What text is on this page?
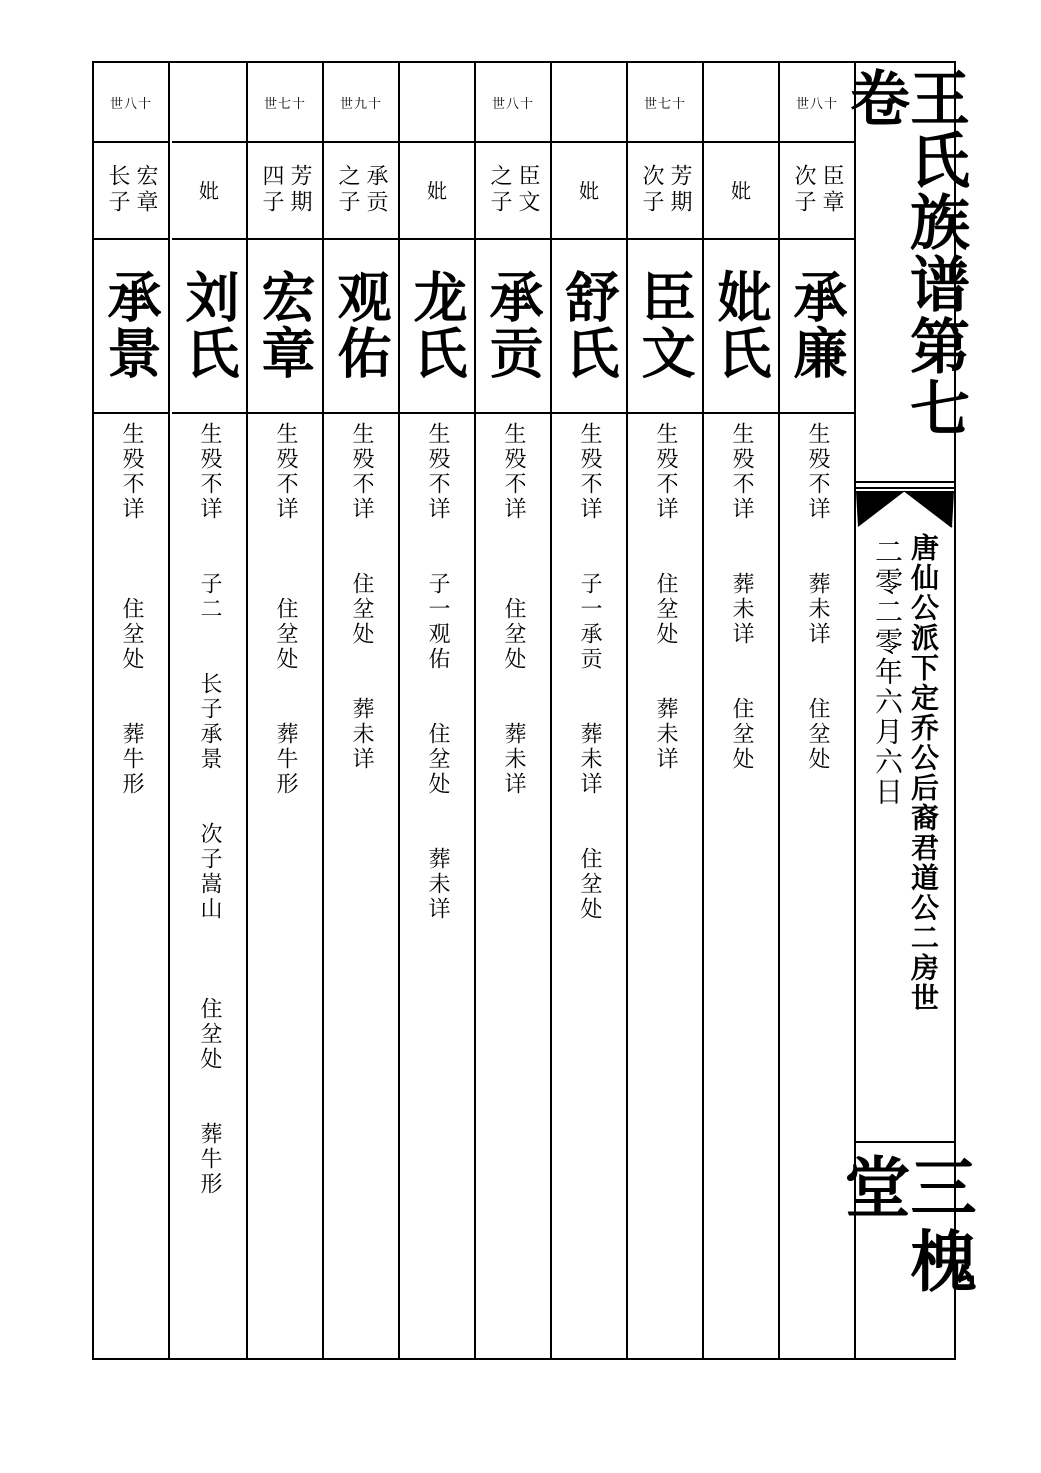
世八十
臣章
次子
承廉
生殁不详　　葬未详　　住坌处
妣
妣氏
生殁不详　　葬未详　　住坌处
世七十
芳期
次子
臣文
生殁不详　　住坌处　　葬未详
妣
舒氏
生殁不详　　子一承贡　　葬未详　　住坌处
世八十
臣文
之子
承贡
生殁不详　　　住坌处　　葬未详
妣
龙氏
生殁不详　　子一观佑　　住坌处　　葬未详
世九十
承贡
之子
观佑
生殁不详　　住坌处　　葬未详
世七十
芳期
四子
宏章
生殁不详　　　住坌处　　葬牛形
妣
刘氏
生殁不详　　子二　　长子承景　　次子嵩山　　　住坌处　　葬牛形
世八十
宏章
长子
承景
生殁不详　　　住坌处　　葬牛形
王氏族谱第七卷
唐仙公派下定乔公后裔君道公二房世
二零二零年六月六日
三槐堂
